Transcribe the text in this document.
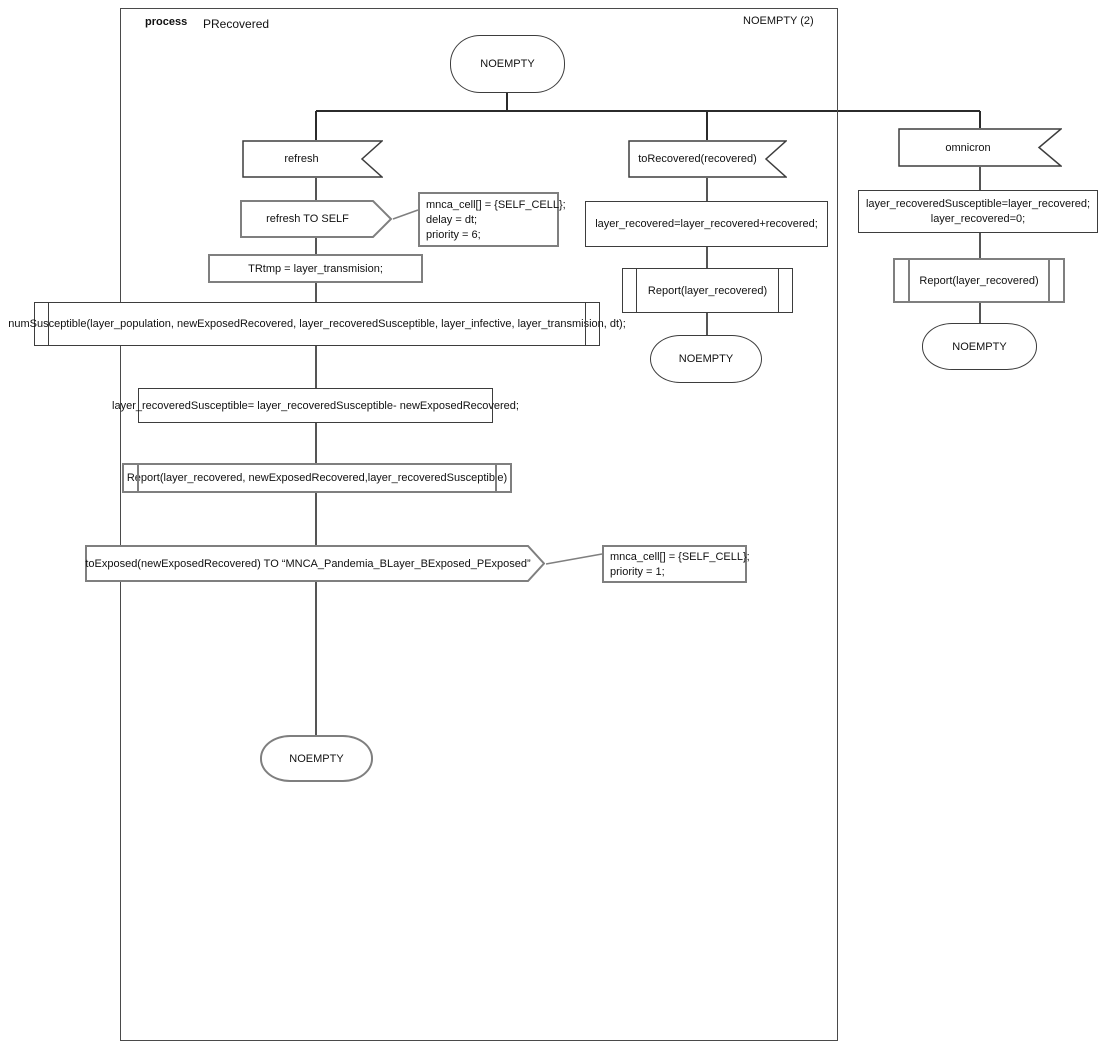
process PRecovered	NOEMPTY (2)
NOEMPTY
refresh
refresh TO SELF
mnca_cell[] = {SELF_CELL};
delay = dt;
priority = 6;
TRtmp = layer_transmision;
numSusceptible(layer_population, newExposedRecovered, layer_recoveredSusceptible, layer_infective, layer_transmision, dt);
layer_recoveredSusceptible= layer_recoveredSusceptible- newExposedRecovered;
Report(layer_recovered, newExposedRecovered,layer_recoveredSusceptible)
toExposed(newExposedRecovered) TO “MNCA_Pandemia_BLayer_BExposed_PExposed”
mnca_cell[] = {SELF_CELL};
priority = 1;
NOEMPTY
toRecovered(recovered)
layer_recovered=layer_recovered+recovered;
Report(layer_recovered)
NOEMPTY
omnicron
layer_recoveredSusceptible=layer_recovered;
layer_recovered=0;
Report(layer_recovered)
NOEMPTY
